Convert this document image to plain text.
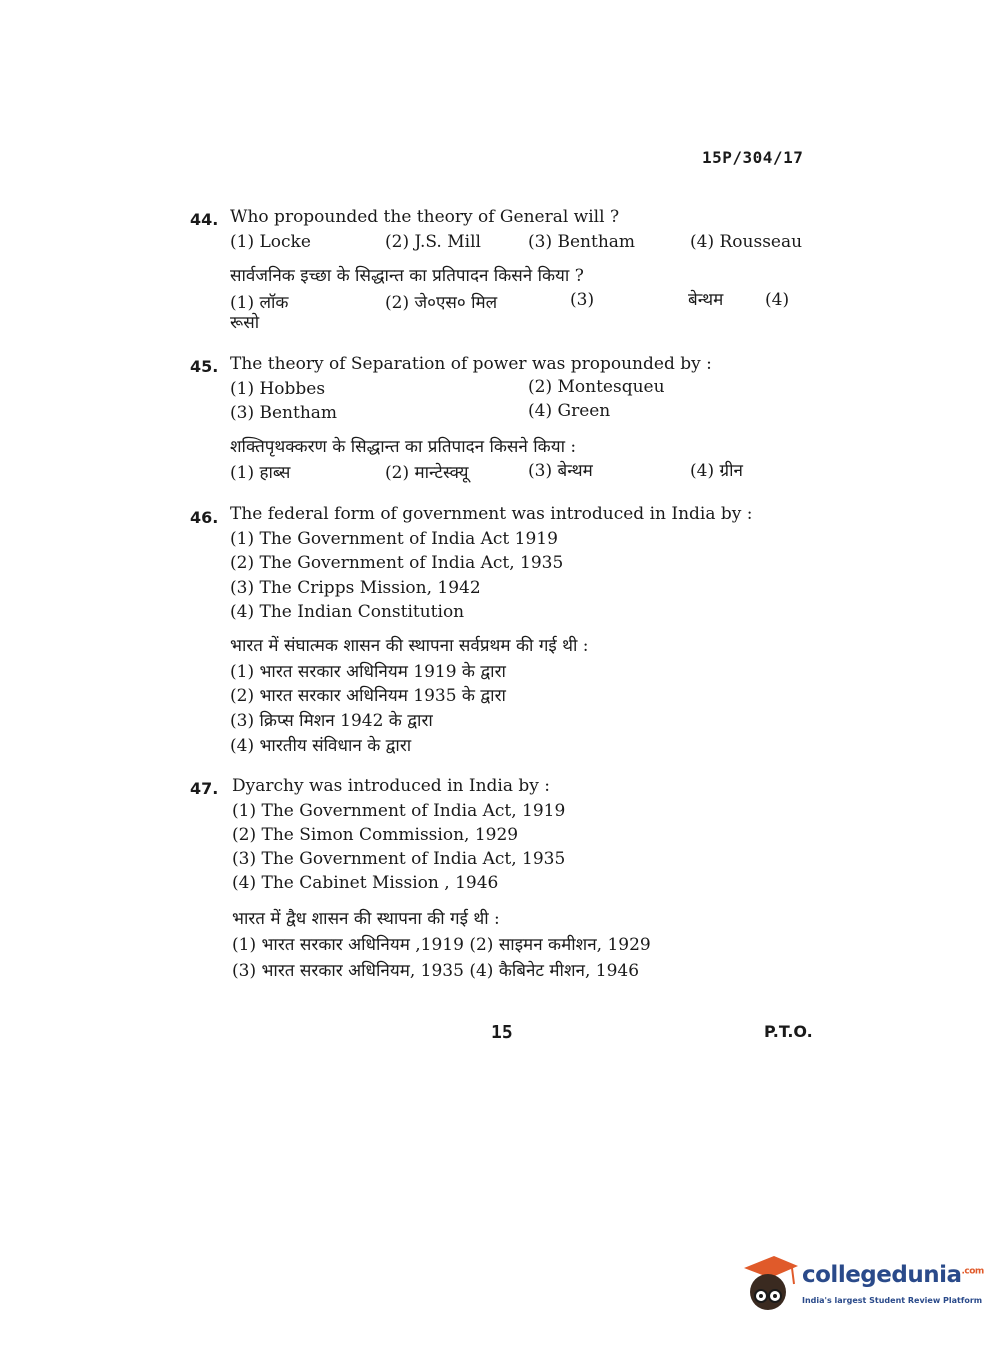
15P/304/17
44. Who propounded the theory of General will ?
(1) Locke	(2) J.S. Mill	(3) Bentham	(4) Rousseau
सार्वजनिक इच्छा के सिद्धान्त का प्रतिपादन किसने किया ?
(1) लॉक	(2) जे०एस० मिल	(3)	बेन्थम (4)
रूसो
45. The theory of Separation of power was propounded by :
(1) Hobbes	(2) Montesqueu
(3) Bentham	(4) Green
शक्तिपृथक्करण के सिद्धान्त का प्रतिपादन किसने किया :
(1) हाब्स	(2) मान्टेस्क्यू	(3) बेन्थम	(4) ग्रीन
46. The federal form of government was introduced in India by :
(1) The Government of India Act 1919
(2) The Government of India Act, 1935
(3) The Cripps Mission, 1942
(4) The Indian Constitution
भारत में संघात्मक शासन की स्थापना सर्वप्रथम की गई थी :
(1) भारत सरकार अधिनियम 1919 के द्वारा
(2) भारत सरकार अधिनियम 1935 के द्वारा
(3) क्रिप्स मिशन 1942 के द्वारा
(4) भारतीय संविधान के द्वारा
47. Dyarchy was introduced in India by :
(1) The Government of India Act, 1919
(2) The Simon Commission, 1929
(3) The Government of India Act, 1935
(4) The Cabinet Mission , 1946
भारत में द्वैध शासन की स्थापना की गई थी :
(1) भारत सरकार अधिनियम ,1919 (2) साइमन कमीशन, 1929
(3) भारत सरकार अधिनियम, 1935 (4) कैबिनेट मीशन, 1946
15	P.T.O.
collegedunia$^{.com}$
India's largest Student Review Platform
